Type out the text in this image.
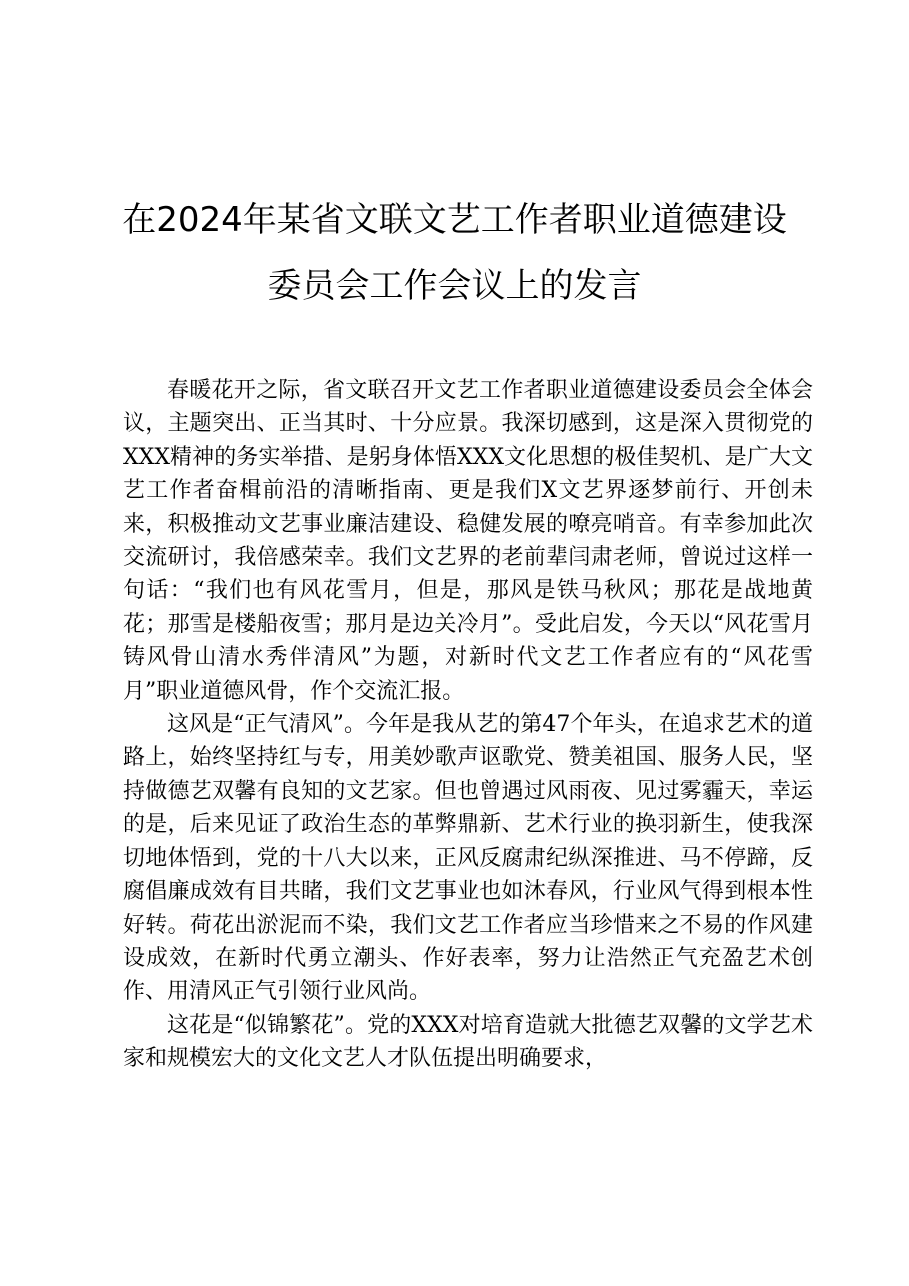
在2024年某省文联文艺工作者职业道德建设
委员会工作会议上的发言

春暖花开之际，省文联召开文艺工作者职业道德建设委员会全体会议，主题突出、正当其时、十分应景。我深切感到，这是深入贯彻党的XXX精神的务实举措、是躬身体悟XXX文化思想的极佳契机、是广大文艺工作者奋楫前沿的清晰指南、更是我们X文艺界逐梦前行、开创未来，积极推动文艺事业廉洁建设、稳健发展的嘹亮哨音。有幸参加此次交流研讨，我倍感荣幸。我们文艺界的老前辈闫肃老师，曾说过这样一句话：“我们也有风花雪月，但是，那风是铁马秋风；那花是战地黄花；那雪是楼船夜雪；那月是边关冷月”。受此启发，今天以“风花雪月铸风骨山清水秀伴清风”为题，对新时代文艺工作者应有的“风花雪月”职业道德风骨，作个交流汇报。

这风是“正气清风”。今年是我从艺的第47个年头，在追求艺术的道路上，始终坚持红与专，用美妙歌声讴歌党、赞美祖国、服务人民，坚持做德艺双馨有良知的文艺家。但也曾遇过风雨夜、见过雾霾天，幸运的是，后来见证了政治生态的革弊鼎新、艺术行业的换羽新生，使我深切地体悟到，党的十八大以来，正风反腐肃纪纵深推进、马不停蹄，反腐倡廉成效有目共睹，我们文艺事业也如沐春风，行业风气得到根本性好转。荷花出淤泥而不染，我们文艺工作者应当珍惜来之不易的作风建设成效，在新时代勇立潮头、作好表率，努力让浩然正气充盈艺术创作、用清风正气引领行业风尚。

这花是“似锦繁花”。党的XXX对培育造就大批德艺双馨的文学艺术家和规模宏大的文化文艺人才队伍提出明确要求，
